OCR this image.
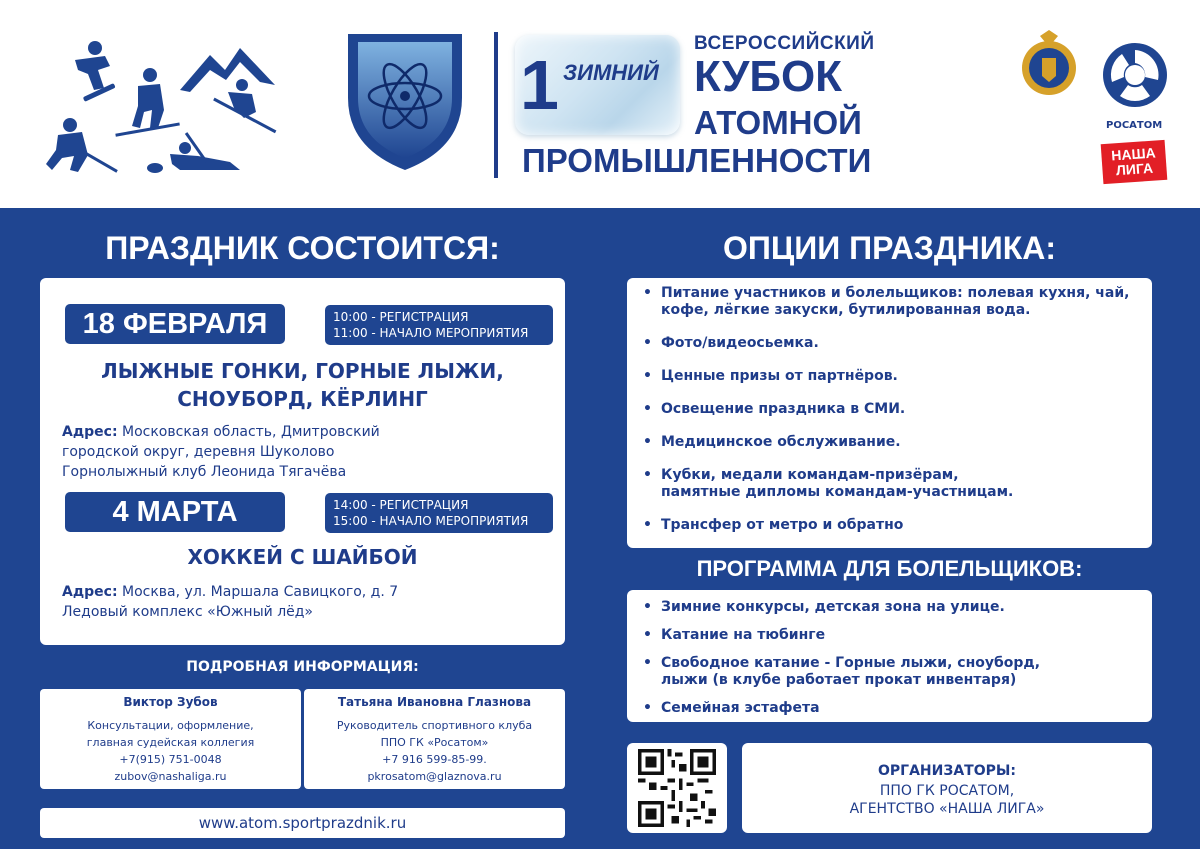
1 ЗИМНИЙ
ВСЕРОССИЙСКИЙ
КУБОК
АТОМНОЙ
ПРОМЫШЛЕННОСТИ
РОСАТОМ
НАША
ЛИГА
ПРАЗДНИК СОСТОИТСЯ:	ОПЦИИ ПРАЗДНИКА:
18 ФЕВРАЛЯ	10:00 - РЕГИСТРАЦИЯ
11:00 - НАЧАЛО МЕРОПРИЯТИЯ
ЛЫЖНЫЕ ГОНКИ, ГОРНЫЕ ЛЫЖИ,
СНОУБОРД, КЁРЛИНГ
Адрес: Московская область, Дмитровский
городской округ, деревня Шуколово
Горнолыжный клуб Леонида Тягачёва
4 МАРТА	14:00 - РЕГИСТРАЦИЯ
15:00 - НАЧАЛО МЕРОПРИЯТИЯ
ХОККЕЙ С ШАЙБОЙ
Адрес: Москва, ул. Маршала Савицкого, д. 7
Ледовый комплекс «Южный лёд»
ПОДРОБНАЯ ИНФОРМАЦИЯ:
Виктор Зубов
Консультации, оформление,
главная судейская коллегия
+7(915) 751-0048
zubov@nashaliga.ru
Татьяна Ивановна Глазнова
Руководитель спортивного клуба
ППО ГК «Росатом»
+7 916 599-85-99.
pkrosatom@glaznova.ru
www.atom.sportprazdnik.ru
• Питание участников и болельщиков: полевая кухня, чай,
кофе, лёгкие закуски, бутилированная вода.
• Фото/видеосьемка.
• Ценные призы от партнёров.
• Освещение праздника в СМИ.
• Медицинское обслуживание.
• Кубки, медали командам-призёрам,
памятные дипломы командам-участницам.
• Трансфер от метро и обратно
ПРОГРАММА ДЛЯ БОЛЕЛЬЩИКОВ:
• Зимние конкурсы, детская зона на улице.
• Катание на тюбинге
• Свободное катание - Горные лыжи, сноуборд,
лыжи (в клубе работает прокат инвентаря)
• Семейная эстафета
ОРГАНИЗАТОРЫ:
ППО ГК РОСАТОМ,
АГЕНТСТВО «НАША ЛИГА»
